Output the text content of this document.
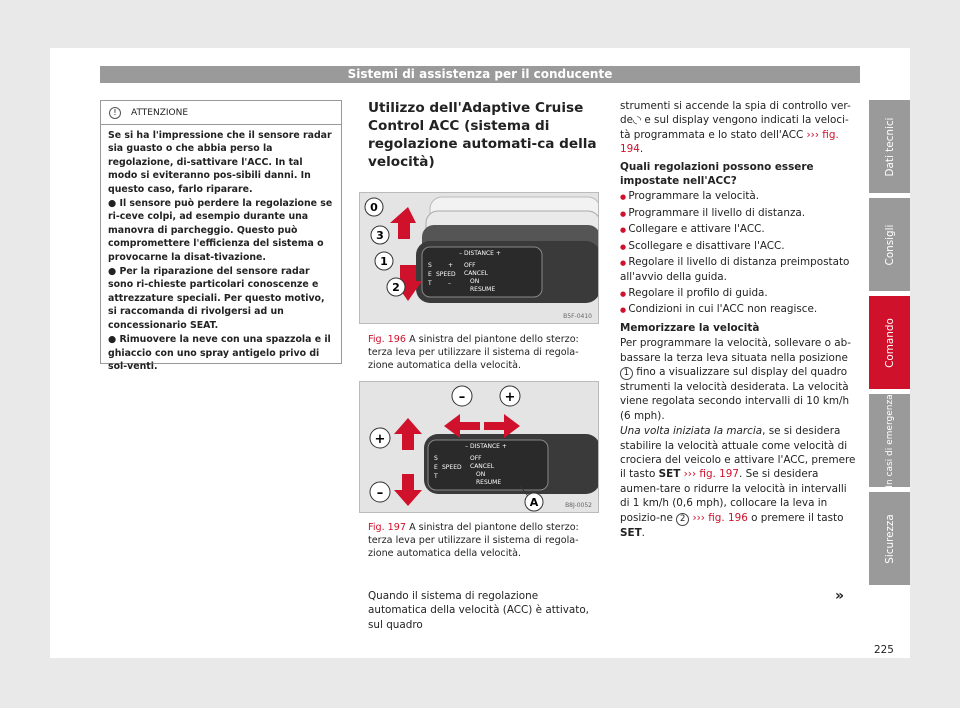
Sistemi di assistenza per il conducente
!	ATTENZIONE

Se si ha l'impressione che il sensore radar sia guasto o che abbia perso la regolazione, di-sattivare l'ACC. In tal modo si eviteranno pos-sibili danni. In questo caso, farlo riparare.

● Il sensore può perdere la regolazione se ri-ceve colpi, ad esempio durante una manovra di parcheggio. Questo può compromettere l'efficienza del sistema o provocarne la disat-tivazione.

● Per la riparazione del sensore radar sono ri-chieste particolari conoscenze e attrezzature speciali. Per questo motivo, si raccomanda di rivolgersi ad un concessionario SEAT.

● Rimuovere la neve con una spazzola e il ghiaccio con uno spray antigelo privo di sol-venti.

Utilizzo dell'Adaptive Cruise Control ACC (sistema di regolazione automati-ca della velocità)
– DISTANCE +
S
E
T
SPEED
+
–
OFF
CANCEL
ON
RESUME
0
3
1
2
B5F-0410
Fig. 196 A sinistra del piantone dello sterzo: terza leva per utilizzare il sistema di regola-zione automatica della velocità.
– DISTANCE +
S
E
T
SPEED
OFF
CANCEL
ON
RESUME
–	+
+
–
A	B8J-0052
Fig. 197 A sinistra del piantone dello sterzo: terza leva per utilizzare il sistema di regola-zione automatica della velocità.
Quando il sistema di regolazione automatica della velocità (ACC) è attivato, sul quadro

strumenti si accende la spia di controllo ver-de◟◝ e sul display vengono indicati la veloci-tà programmata e lo stato dell'ACC ››› fig. 194.

Quali regolazioni possono essere impostate nell'ACC?

● Programmare la velocità.

● Programmare il livello di distanza.

● Collegare e attivare l'ACC.

● Scollegare e disattivare l'ACC.

● Regolare il livello di distanza preimpostato all'avvio della guida.

● Regolare il profilo di guida.

● Condizioni in cui l'ACC non reagisce.

Memorizzare la velocità

Per programmare la velocità, sollevare o ab-bassare la terza leva situata nella posizione 1 fino a visualizzare sul display del quadro strumenti la velocità desiderata. La velocità viene regolata secondo intervalli di 10 km/h (6 mph).

Una volta iniziata la marcia, se si desidera stabilire la velocità attuale come velocità di crociera del veicolo e attivare l'ACC, premere il tasto SET ››› fig. 197. Se si desidera aumen-tare o ridurre la velocità in intervalli di 1 km/h (0,6 mph), collocare la leva in posizio-ne 2 ››› fig. 196 o premere il tasto SET.

»
225
Dati tecnici
Consigli
Comando
In casi di emergenza
Sicurezza
